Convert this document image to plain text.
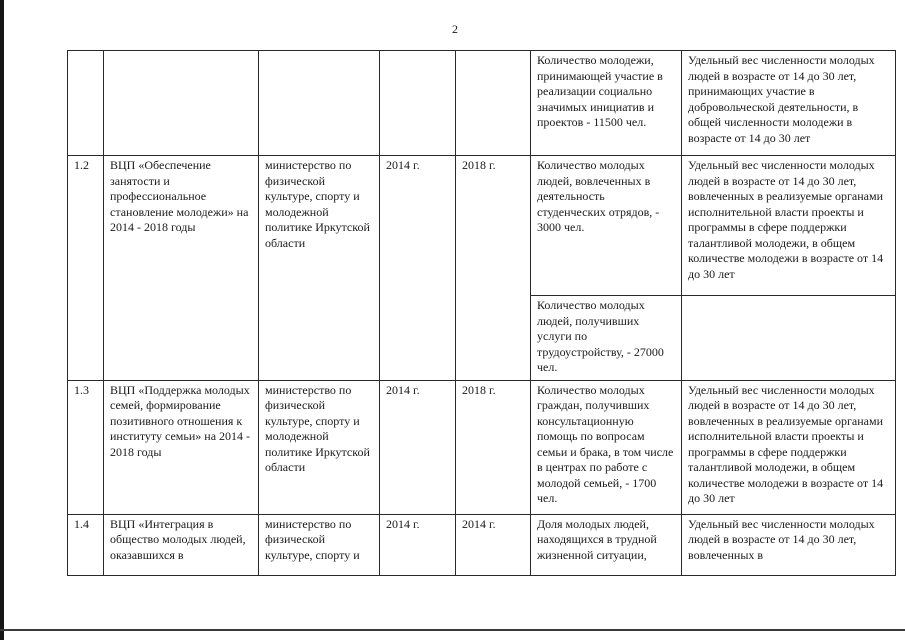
2
					Количество молодежи, принимающей участие в реализации социально значимых инициатив и проектов - 11500 чел.	Удельный вес численности молодых людей в возрасте от 14 до 30 лет, принимающих участие в добровольческой деятельности, в общей численности молодежи в возрасте от 14 до 30 лет
1.2	ВЦП «Обеспечение занятости и профессиональное становление молодежи» на 2014 - 2018 годы	министерство по физической культуре, спорту и молодежной политике Иркутской области	2014 г.	2018 г.	Количество молодых людей, вовлеченных в деятельность студенческих отрядов, - 3000 чел.	Удельный вес численности молодых людей в возрасте от 14 до 30 лет, вовлеченных в реализуемые органами исполнительной власти проекты и программы в сфере поддержки талантливой молодежи, в общем количестве молодежи в возрасте от 14 до 30 лет
					Количество молодых людей, получивших услуги по трудоустройству, - 27000 чел.	
1.3	ВЦП «Поддержка молодых семей, формирование позитивного отношения к институту семьи» на 2014 - 2018 годы	министерство по физической культуре, спорту и молодежной политике Иркутской области	2014 г.	2018 г.	Количество молодых граждан, получивших консультационную помощь по вопросам семьи и брака, в том числе в центрах по работе с молодой семьей, - 1700 чел.	Удельный вес численности молодых людей в возрасте от 14 до 30 лет, вовлеченных в реализуемые органами исполнительной власти проекты и программы в сфере поддержки талантливой молодежи, в общем количестве молодежи в возрасте от 14 до 30 лет
1.4	ВЦП «Интеграция в общество молодых людей, оказавшихся в	министерство по физической культуре, спорту и	2014 г.	2014 г.	Доля молодых людей, находящихся в трудной жизненной ситуации,	Удельный вес численности молодых людей в возрасте от 14 до 30 лет, вовлеченных в
